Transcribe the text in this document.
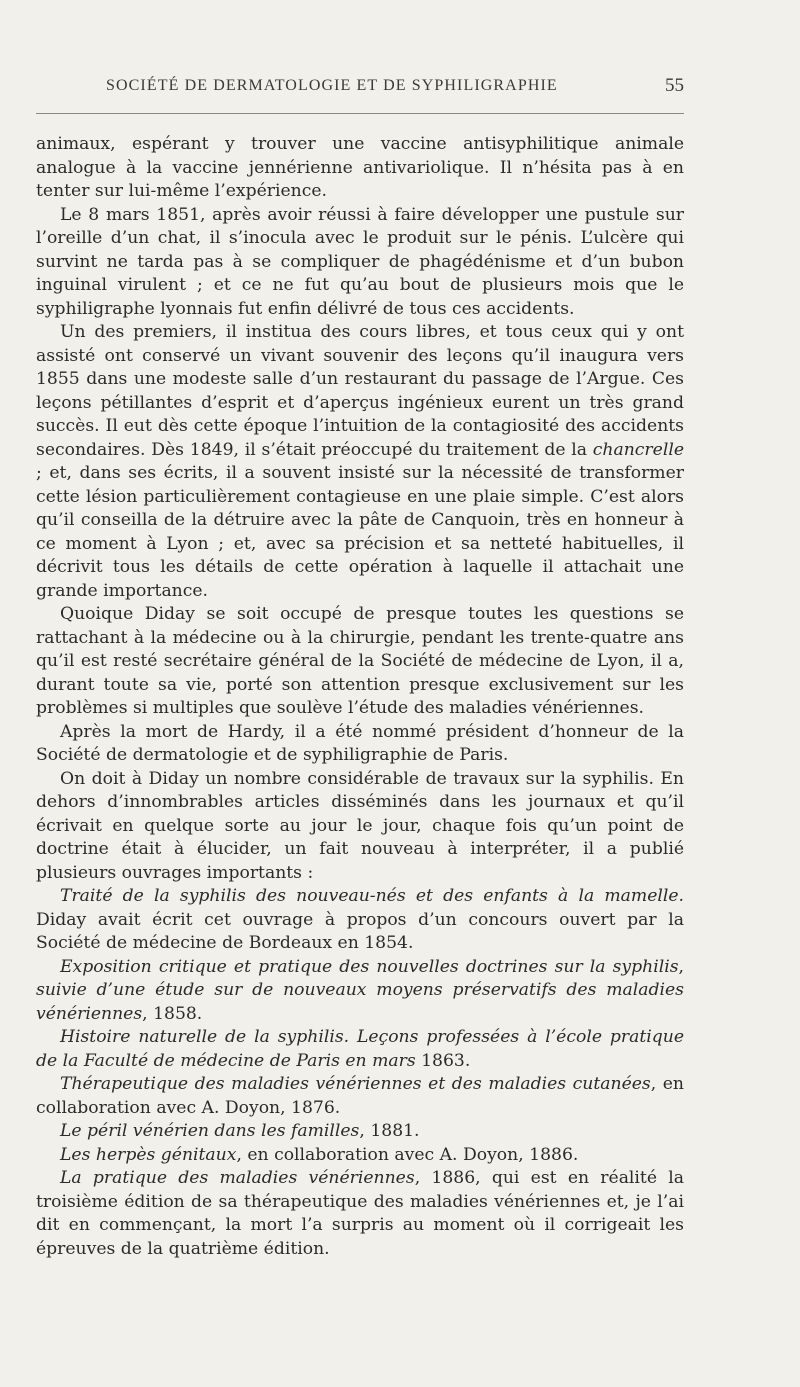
SOCIÉTÉ DE DERMATOLOGIE ET DE SYPHILIGRAPHIE	55

animaux, espérant y trouver une vaccine antisyphilitique animale analogue à la vaccine jennérienne antivariolique. Il n’hésita pas à en tenter sur lui-même l’expérience.

Le 8 mars 1851, après avoir réussi à faire développer une pustule sur l’oreille d’un chat, il s’inocula avec le produit sur le pénis. L’ulcère qui survint ne tarda pas à se compliquer de phagédénisme et d’un bubon inguinal virulent ; et ce ne fut qu’au bout de plusieurs mois que le syphiligraphe lyonnais fut enfin délivré de tous ces accidents.

Un des premiers, il institua des cours libres, et tous ceux qui y ont assisté ont conservé un vivant souvenir des leçons qu’il inaugura vers 1855 dans une modeste salle d’un restaurant du passage de l’Argue. Ces leçons pétillantes d’esprit et d’aperçus ingénieux eurent un très grand succès. Il eut dès cette époque l’intuition de la contagiosité des accidents secondaires. Dès 1849, il s’était préoccupé du traitement de la chancrelle ; et, dans ses écrits, il a souvent insisté sur la nécessité de transformer cette lésion particulièrement contagieuse en une plaie simple. C’est alors qu’il conseilla de la détruire avec la pâte de Canquoin, très en honneur à ce moment à Lyon ; et, avec sa précision et sa netteté habituelles, il décrivit tous les détails de cette opération à laquelle il attachait une grande importance.

Quoique Diday se soit occupé de presque toutes les questions se rattachant à la médecine ou à la chirurgie, pendant les trente-quatre ans qu’il est resté secrétaire général de la Société de médecine de Lyon, il a, durant toute sa vie, porté son attention presque exclusivement sur les problèmes si multiples que soulève l’étude des maladies vénériennes.

Après la mort de Hardy, il a été nommé président d’honneur de la Société de dermatologie et de syphiligraphie de Paris.

On doit à Diday un nombre considérable de travaux sur la syphilis. En dehors d’innombrables articles disséminés dans les journaux et qu’il écrivait en quelque sorte au jour le jour, chaque fois qu’un point de doctrine était à élucider, un fait nouveau à interpréter, il a publié plusieurs ouvrages importants :

Traité de la syphilis des nouveau-nés et des enfants à la mamelle. Diday avait écrit cet ouvrage à propos d’un concours ouvert par la Société de médecine de Bordeaux en 1854.

Exposition critique et pratique des nouvelles doctrines sur la syphilis, suivie d’une étude sur de nouveaux moyens préservatifs des maladies vénériennes, 1858.

Histoire naturelle de la syphilis. Leçons professées à l’école pratique de la Faculté de médecine de Paris en mars 1863.

Thérapeutique des maladies vénériennes et des maladies cutanées, en collaboration avec A. Doyon, 1876.

Le péril vénérien dans les familles, 1881.

Les herpès génitaux, en collaboration avec A. Doyon, 1886.

La pratique des maladies vénériennes, 1886, qui est en réalité la troisième édition de sa thérapeutique des maladies vénériennes et, je l’ai dit en commençant, la mort l’a surpris au moment où il corrigeait les épreuves de la quatrième édition.
